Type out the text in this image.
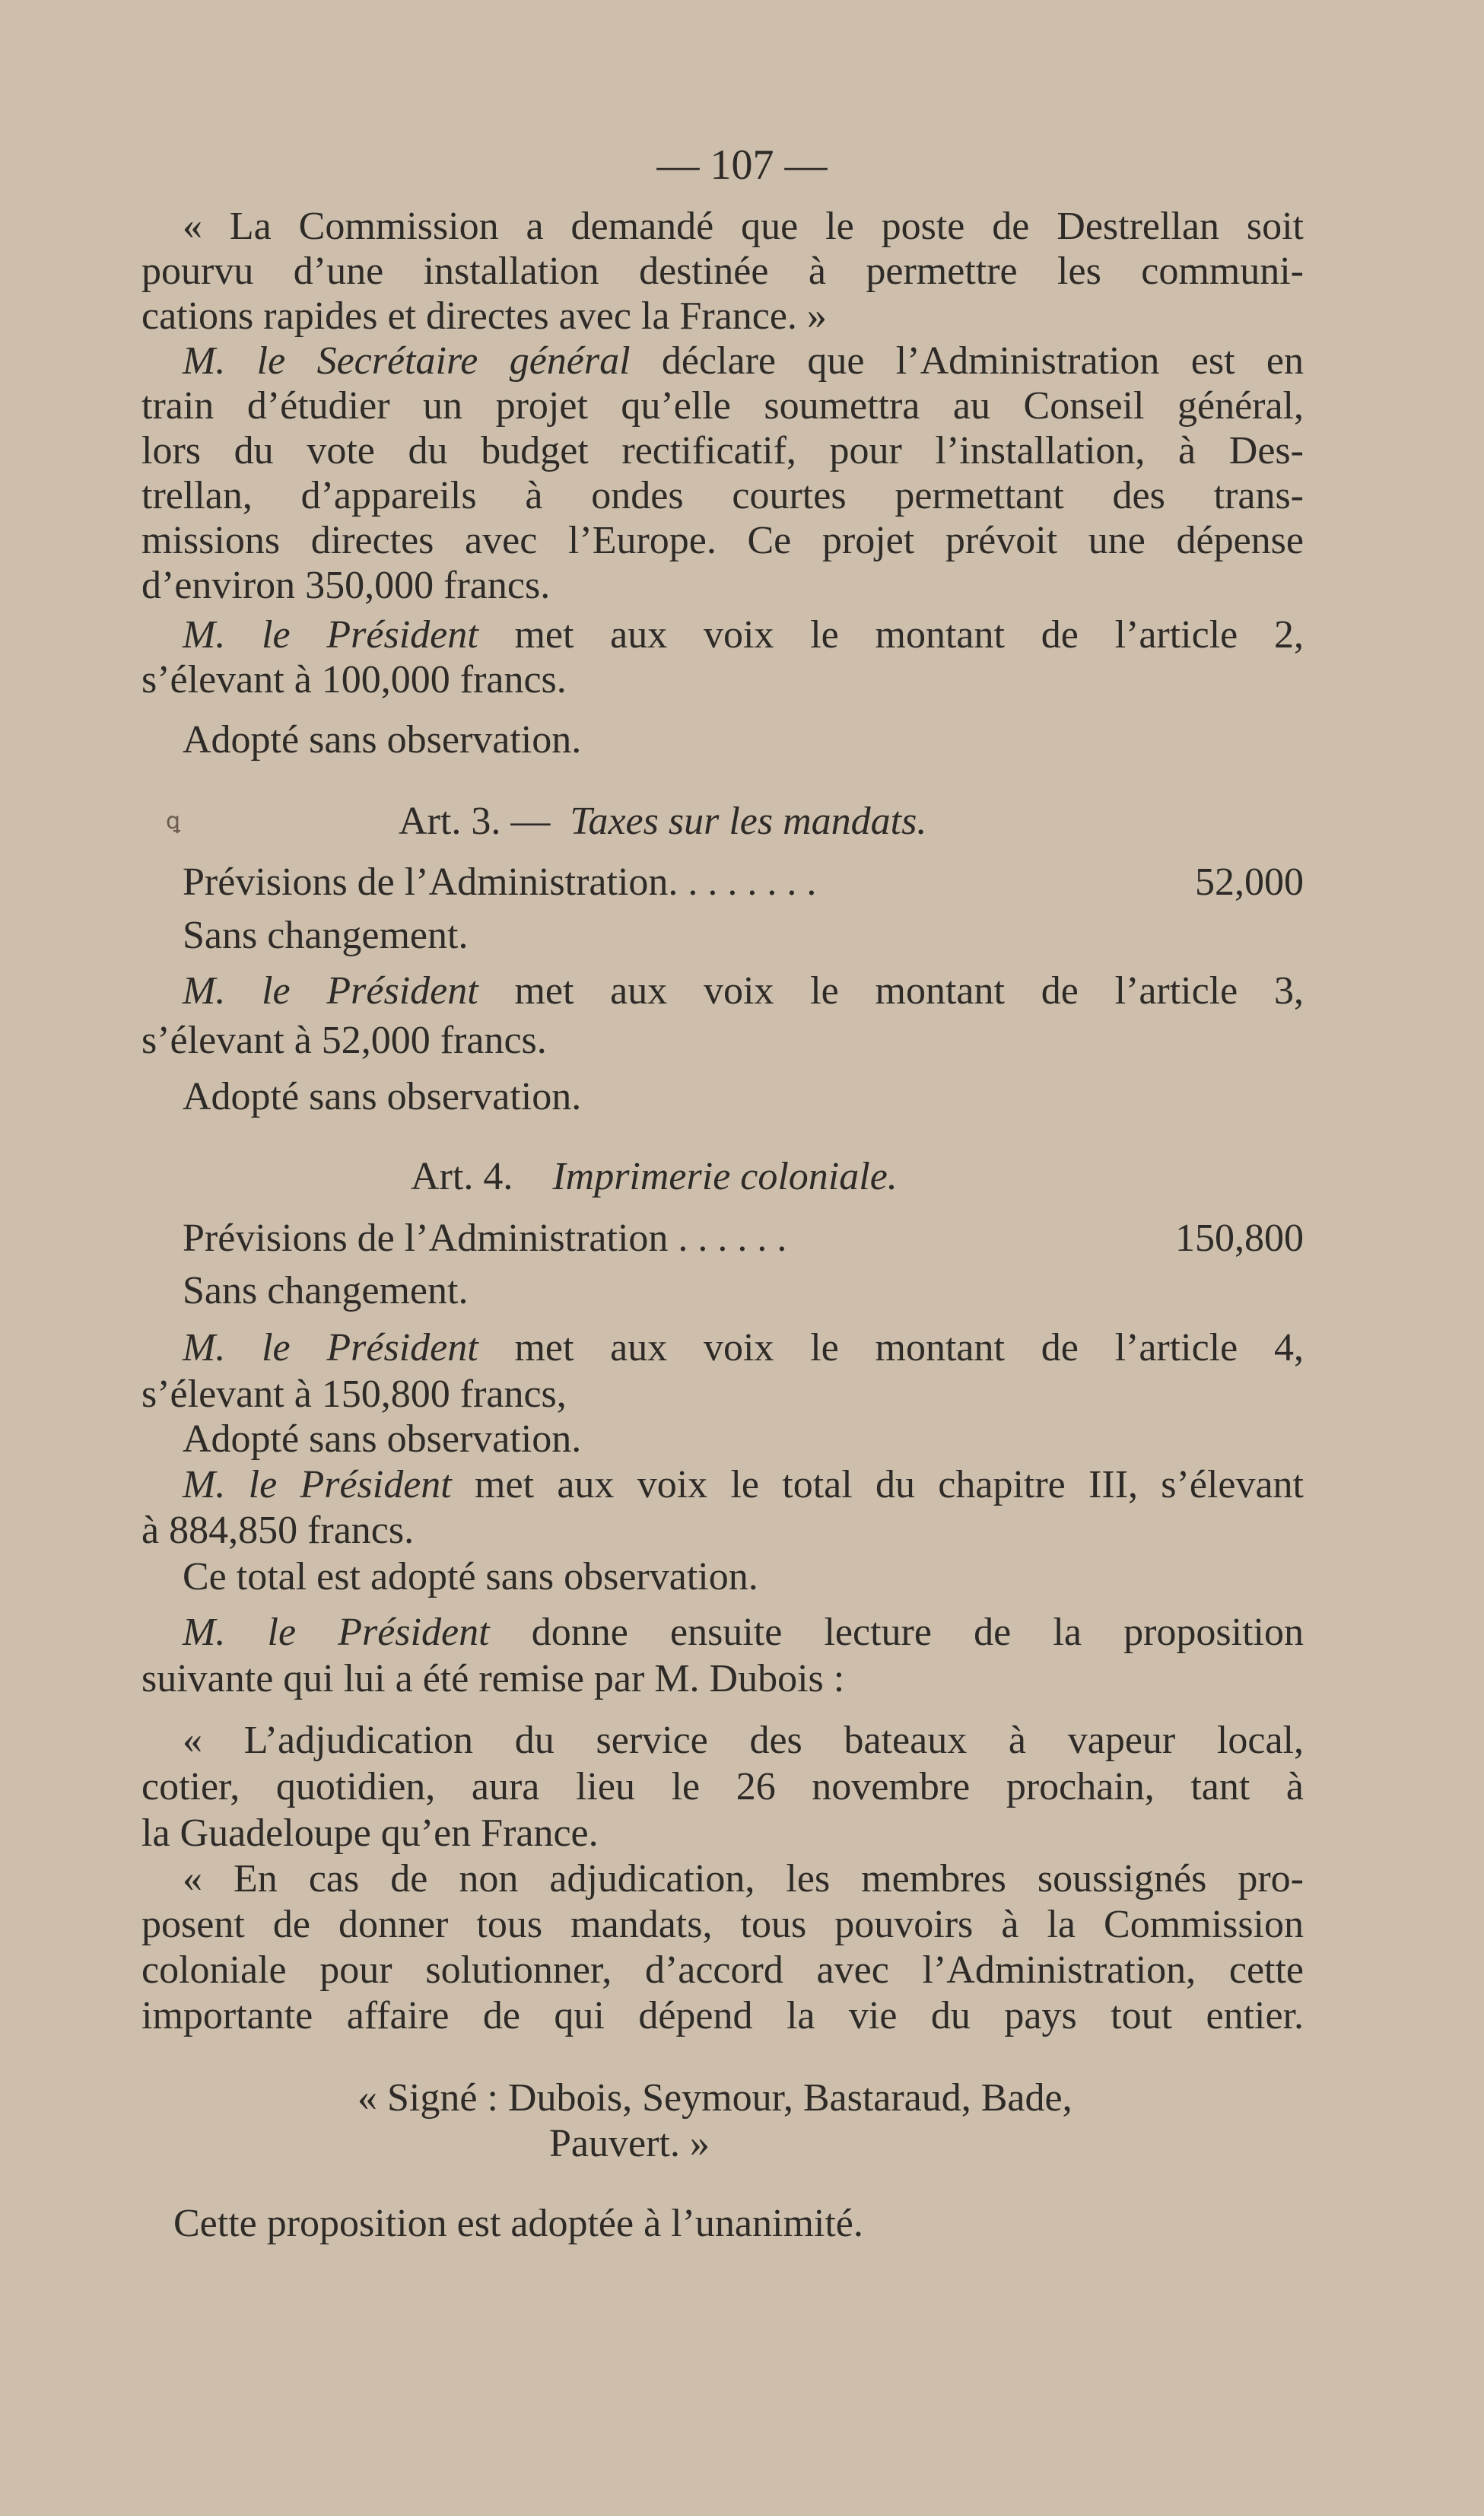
— 107 —
« La Commission a demandé que le poste de Destrellan soit
pourvu d’une installation destinée à permettre les communi-
cations rapides et directes avec la France. »
M. le Secrétaire général déclare que l’Administration est en
train d’étudier un projet qu’elle soumettra au Conseil général,
lors du vote du budget rectificatif, pour l’installation, à Des-
trellan, d’appareils à ondes courtes permettant des trans-
missions directes avec l’Europe. Ce projet prévoit une dépense
d’environ 350,000 francs.
M. le Président met aux voix le montant de l’article 2,
s’élevant à 100,000 francs.
Adopté sans observation.
ꝗ	Art. 3. — Taxes sur les mandats.
Prévisions de l’Administration. . . . . . . .	52,000
Sans changement.
M. le Président met aux voix le montant de l’article 3,
s’élevant à 52,000 francs.
Adopté sans observation.
Art. 4. Imprimerie coloniale.
Prévisions de l’Administration . . . . . .	150,800
Sans changement.
M. le Président met aux voix le montant de l’article 4,
s’élevant à 150,800 francs,
Adopté sans observation.
M. le Président met aux voix le total du chapitre III, s’élevant
à 884,850 francs.
Ce total est adopté sans observation.
M. le Président donne ensuite lecture de la proposition
suivante qui lui a été remise par M. Dubois :
« L’adjudication du service des bateaux à vapeur local,
cotier, quotidien, aura lieu le 26 novembre prochain, tant à
la Guadeloupe qu’en France.
« En cas de non adjudication, les membres soussignés pro-
posent de donner tous mandats, tous pouvoirs à la Commission
coloniale pour solutionner, d’accord avec l’Administration, cette
importante affaire de qui dépend la vie du pays tout entier.
« Signé : Dubois, Seymour, Bastaraud, Bade,
Pauvert. »
Cette proposition est adoptée à l’unanimité.
